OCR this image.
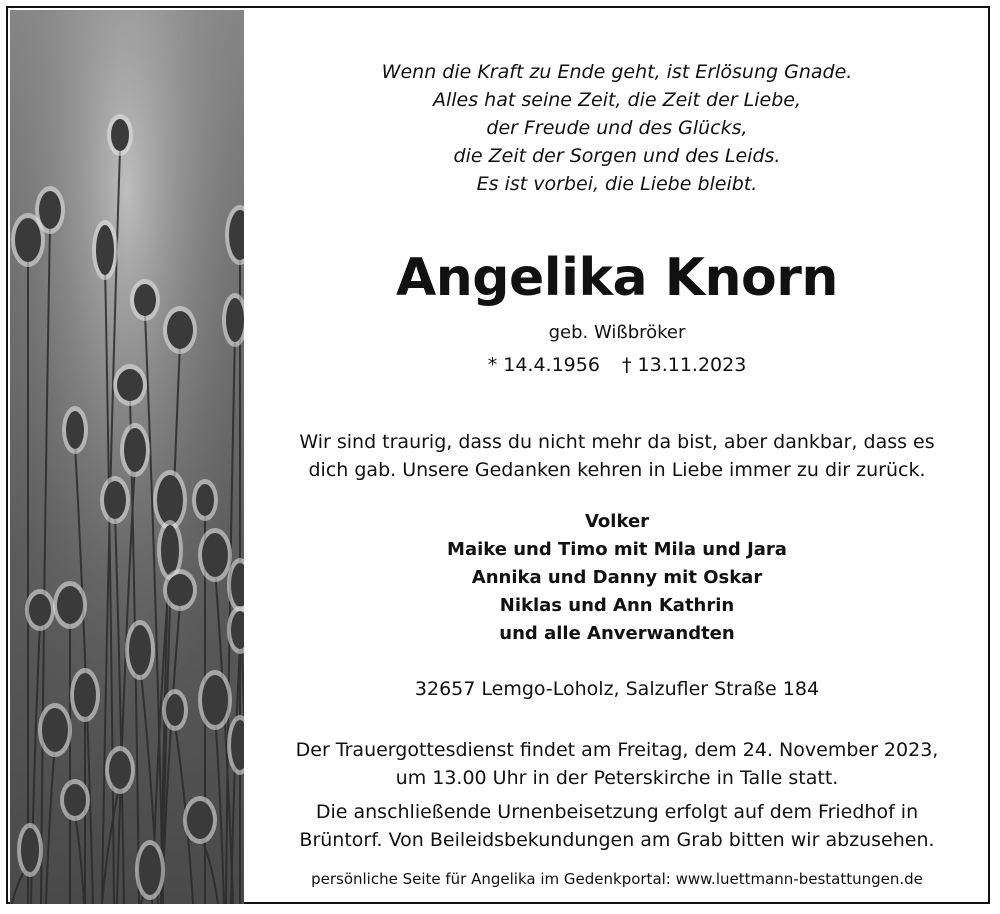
Wenn die Kraft zu Ende geht, ist Erlösung Gnade.
Alles hat seine Zeit, die Zeit der Liebe,
der Freude und des Glücks,
die Zeit der Sorgen und des Leids.
Es ist vorbei, die Liebe bleibt.
Angelika Knorn
geb. Wißbröker
* 14.4.1956 † 13.11.2023
Wir sind traurig, dass du nicht mehr da bist, aber dankbar, dass es
dich gab. Unsere Gedanken kehren in Liebe immer zu dir zurück.
Volker
Maike und Timo mit Mila und Jara
Annika und Danny mit Oskar
Niklas und Ann Kathrin
und alle Anverwandten
32657 Lemgo-Loholz, Salzufler Straße 184
Der Trauergottesdienst findet am Freitag, dem 24. November 2023,
um 13.00 Uhr in der Peterskirche in Talle statt.
Die anschließende Urnenbeisetzung erfolgt auf dem Friedhof in
Brüntorf. Von Beileidsbekundungen am Grab bitten wir abzusehen.
persönliche Seite für Angelika im Gedenkportal: www.luettmann-bestattungen.de
